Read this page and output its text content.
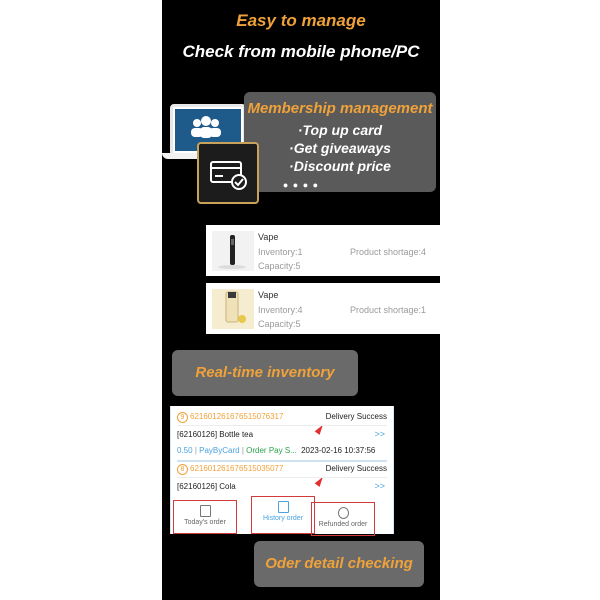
Easy to manage
Check from mobile phone/PC
Membership management
·Top up card
·Get giveaways
·Discount price
● ● ● ●
Vape
Inventory:1
Capacity:5
Product shortage:4
Vape
Inventory:4
Capacity:5
Product shortage:1
Real-time inventory
9 6216012616765150763​17	Delivery Success
[62160126] Bottle tea	>>
0.50 | PayByCard | Order Pay S... 2023-02-16 10:37:56
8 621601261676515035077	Delivery Success
[62160126] Cola	>>
Today's order
History order
Refunded order
Oder detail checking
